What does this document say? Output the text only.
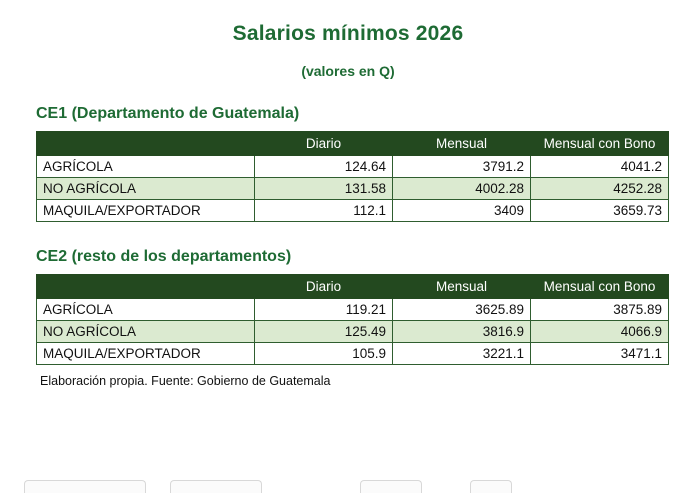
Salarios mínimos 2026
(valores en Q)
CE1 (Departamento de Guatemala)
	Diario	Mensual	Mensual con Bono
AGRÍCOLA	124.64	3791.2	4041.2
NO AGRÍCOLA	131.58	4002.28	4252.28
MAQUILA/EXPORTADOR	112.1	3409	3659.73
CE2 (resto de los departamentos)
	Diario	Mensual	Mensual con Bono
AGRÍCOLA	119.21	3625.89	3875.89
NO AGRÍCOLA	125.49	3816.9	4066.9
MAQUILA/EXPORTADOR	105.9	3221.1	3471.1
Elaboración propia. Fuente: Gobierno de Guatemala
